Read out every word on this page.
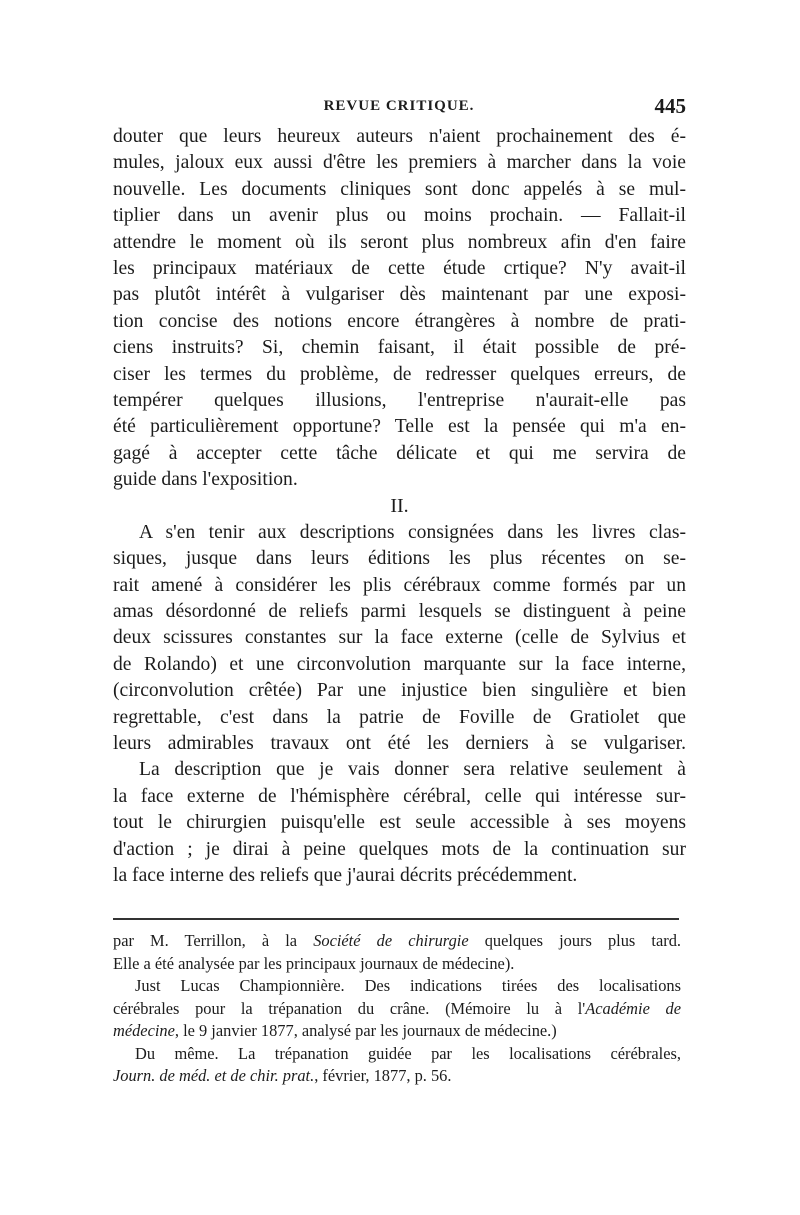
REVUE CRITIQUE.	445
douter que leurs heureux auteurs n'aient prochainement des é-
mules, jaloux eux aussi d'être les premiers à marcher dans la voie
nouvelle. Les documents cliniques sont donc appelés à se mul-
tiplier dans un avenir plus ou moins prochain. — Fallait-il
attendre le moment où ils seront plus nombreux afin d'en faire
les principaux matériaux de cette étude crtique? N'y avait-il
pas plutôt intérêt à vulgariser dès maintenant par une exposi-
tion concise des notions encore étrangères à nombre de prati-
ciens instruits? Si, chemin faisant, il était possible de pré-
ciser les termes du problème, de redresser quelques erreurs, de
tempérer quelques illusions, l'entreprise n'aurait-elle pas
été particulièrement opportune? Telle est la pensée qui m'a en-
gagé à accepter cette tâche délicate et qui me servira de
guide dans l'exposition.
II.
A s'en tenir aux descriptions consignées dans les livres clas-
siques, jusque dans leurs éditions les plus récentes on se-
rait amené à considérer les plis cérébraux comme formés par un
amas désordonné de reliefs parmi lesquels se distinguent à peine
deux scissures constantes sur la face externe (celle de Sylvius et
de Rolando) et une circonvolution marquante sur la face interne,
(circonvolution crêtée) Par une injustice bien singulière et bien
regrettable, c'est dans la patrie de Foville de Gratiolet que
leurs admirables travaux ont été les derniers à se vulgariser.
La description que je vais donner sera relative seulement à
la face externe de l'hémisphère cérébral, celle qui intéresse sur-
tout le chirurgien puisqu'elle est seule accessible à ses moyens
d'action ; je dirai à peine quelques mots de la continuation sur
la face interne des reliefs que j'aurai décrits précédemment.
par M. Terrillon, à la Société de chirurgie quelques jours plus tard.
Elle a été analysée par les principaux journaux de médecine).
Just Lucas Championnière. Des indications tirées des localisations
cérébrales pour la trépanation du crâne. (Mémoire lu à l'Académie de
médecine, le 9 janvier 1877, analysé par les journaux de médecine.)
Du même. La trépanation guidée par les localisations cérébrales,
Journ. de méd. et de chir. prat., février, 1877, p. 56.
